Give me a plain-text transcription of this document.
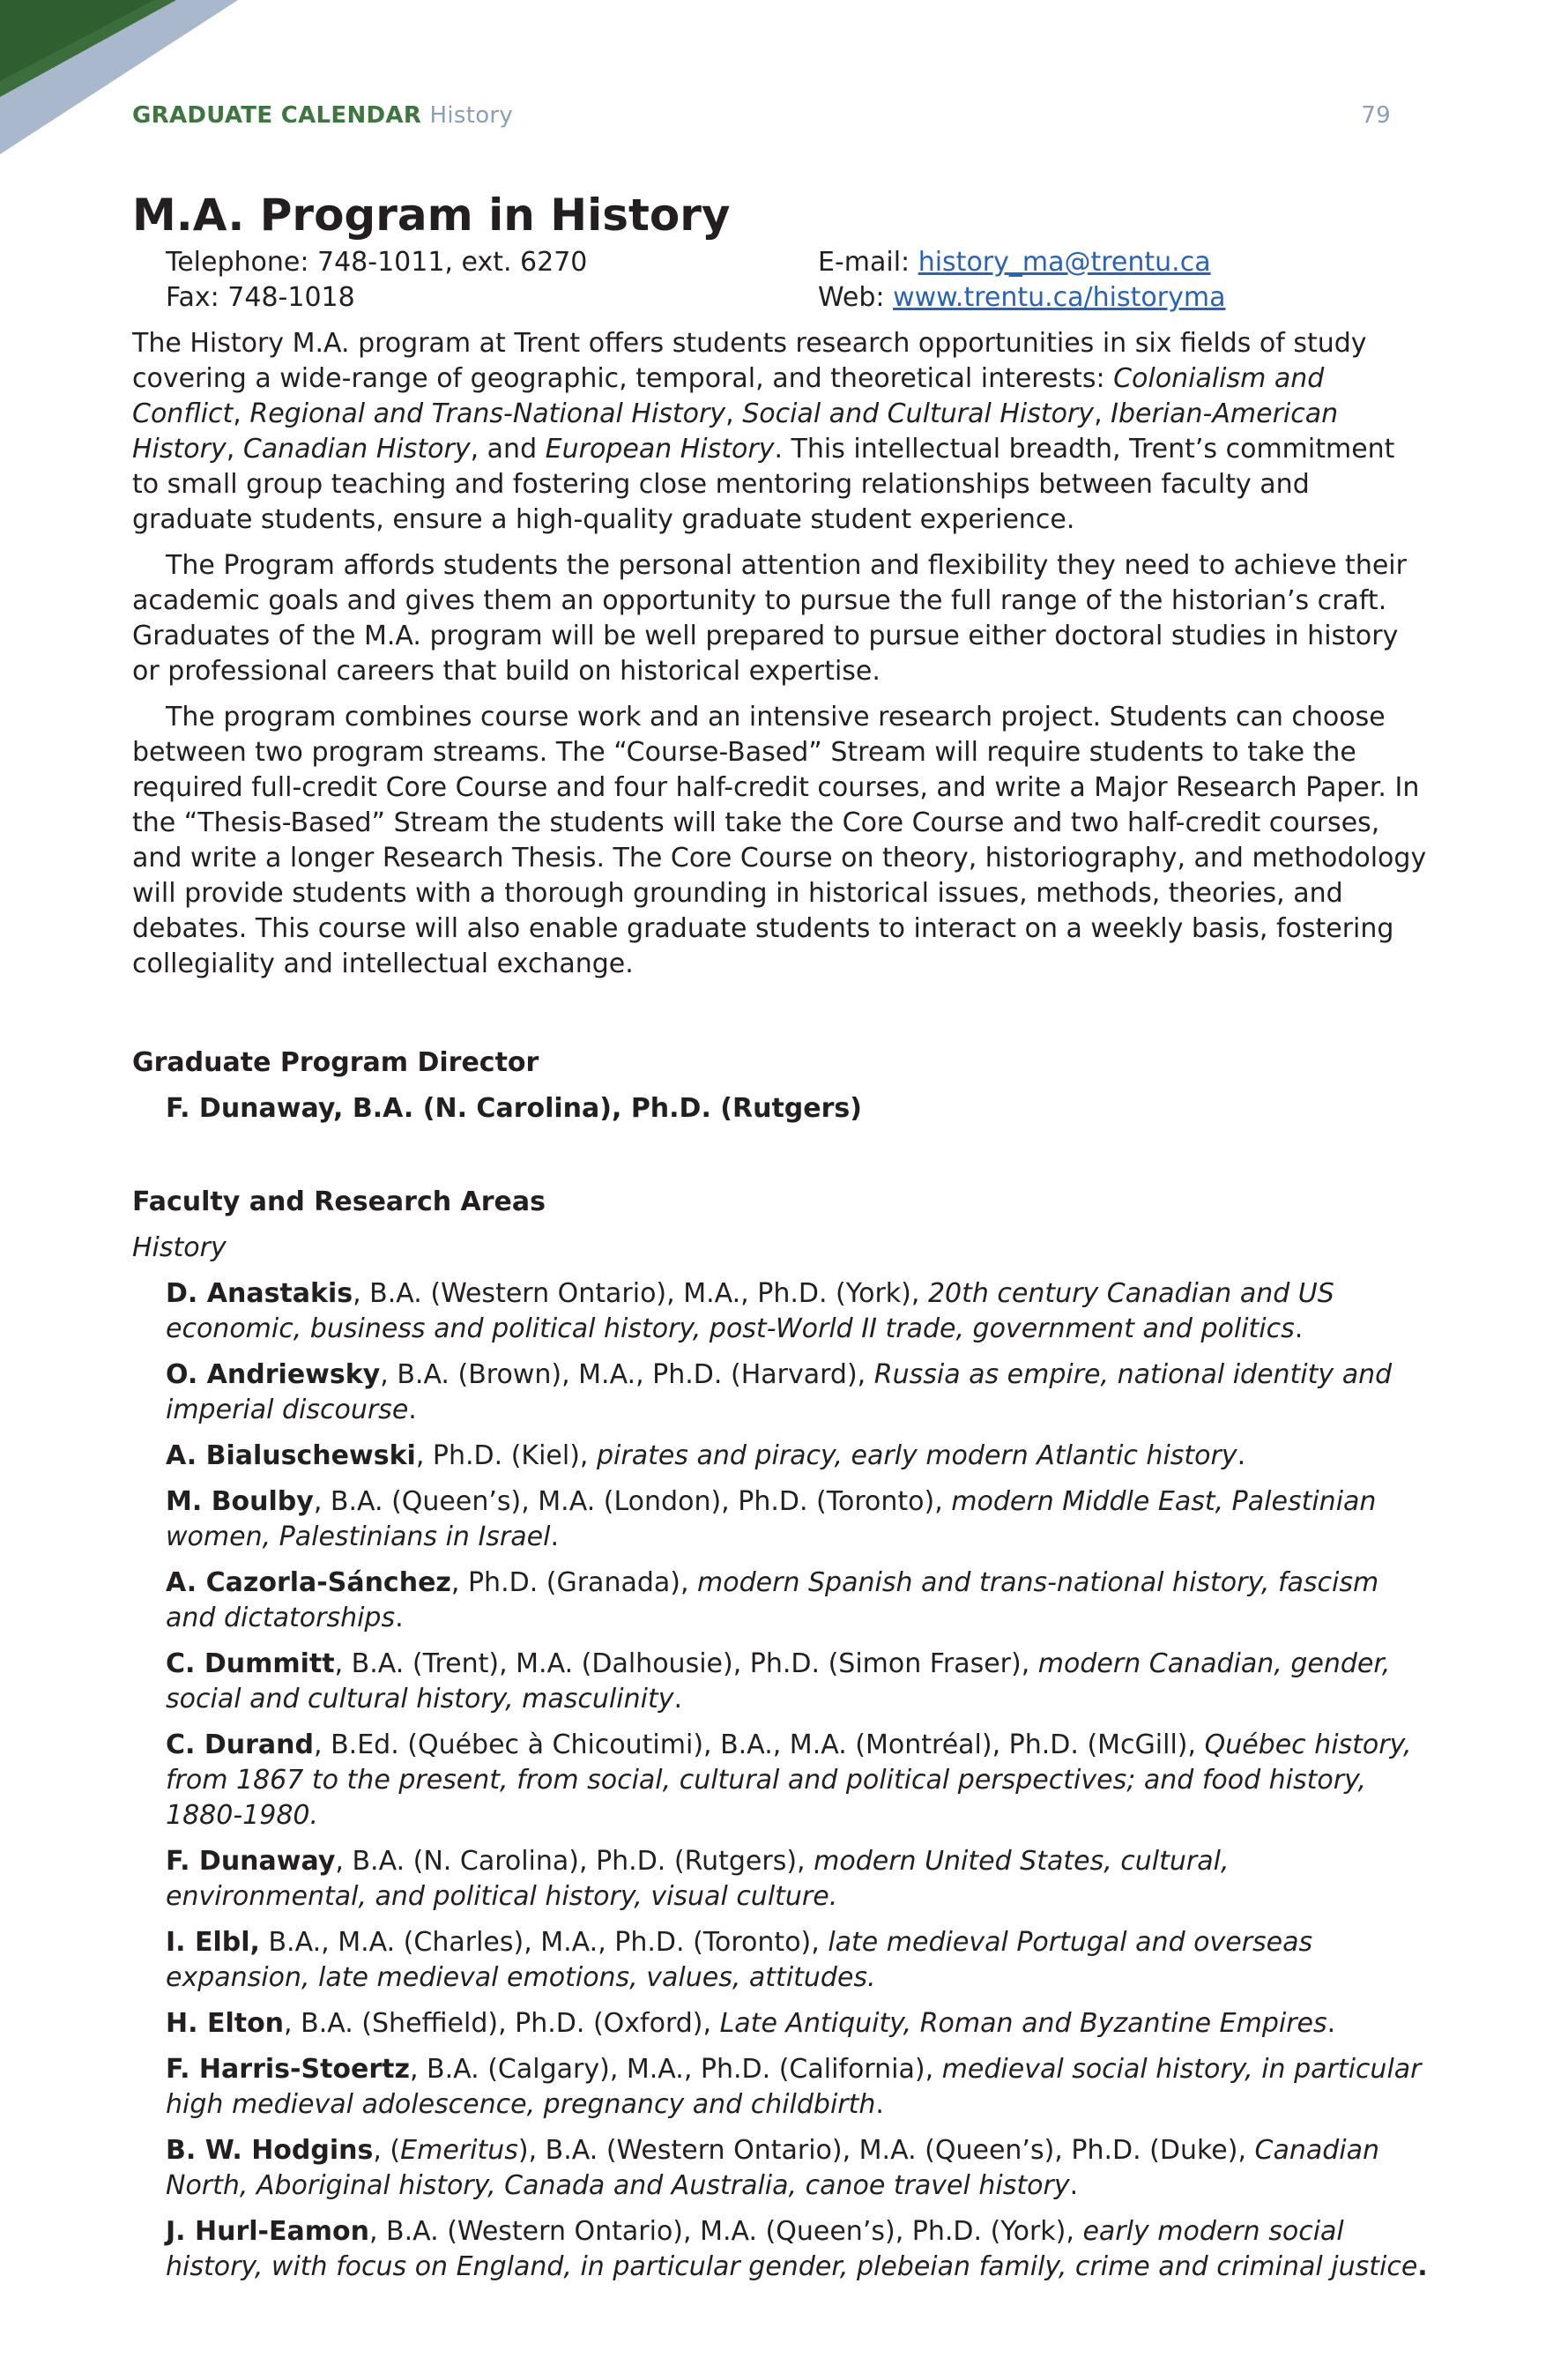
GRADUATE CALENDAR History	79
M.A. Program in History
Telephone: 748-1011, ext. 6270	E-mail: history_ma@trentu.ca
Fax: 748-1018	Web: www.trentu.ca/historyma

The History M.A. program at Trent offers students research opportunities in six fields of study covering a wide-range of geographic, temporal, and theoretical interests: Colonialism and Conflict, Regional and Trans-National History, Social and Cultural History, Iberian-American History, Canadian History, and European History. This intellectual breadth, Trent’s commitment to small group teaching and fostering close mentoring relationships between faculty and graduate students, ensure a high-quality graduate student experience.

The Program affords students the personal attention and flexibility they need to achieve their academic goals and gives them an opportunity to pursue the full range of the historian’s craft. Graduates of the M.A. program will be well prepared to pursue either doctoral studies in history or professional careers that build on historical expertise.

The program combines course work and an intensive research project. Students can choose between two program streams. The “Course-Based” Stream will require students to take the required full-credit Core Course and four half-credit courses, and write a Major Research Paper. In the “Thesis-Based” Stream the students will take the Core Course and two half-credit courses, and write a longer Research Thesis. The Core Course on theory, historiography, and methodology will provide students with a thorough grounding in historical issues, methods, theories, and debates. This course will also enable graduate students to interact on a weekly basis, fostering collegiality and intellectual exchange.

Graduate Program Director
F. Dunaway, B.A. (N. Carolina), Ph.D. (Rutgers)
Faculty and Research Areas
History
D. Anastakis, B.A. (Western Ontario), M.A., Ph.D. (York), 20th century Canadian and US economic, business and political history, post-World II trade, government and politics.
O. Andriewsky, B.A. (Brown), M.A., Ph.D. (Harvard), Russia as empire, national identity and imperial discourse.
A. Bialuschewski, Ph.D. (Kiel), pirates and piracy, early modern Atlantic history.
M. Boulby, B.A. (Queen’s), M.A. (London), Ph.D. (Toronto), modern Middle East, Palestinian women, Palestinians in Israel.
A. Cazorla-Sánchez, Ph.D. (Granada), modern Spanish and trans-national history, fascism and dictatorships.
C. Dummitt, B.A. (Trent), M.A. (Dalhousie), Ph.D. (Simon Fraser), modern Canadian, gender, social and cultural history, masculinity.
C. Durand, B.Ed. (Québec à Chicoutimi), B.A., M.A. (Montréal), Ph.D. (McGill), Québec history, from 1867 to the present, from social, cultural and political perspectives; and food history, 1880-1980.
F. Dunaway, B.A. (N. Carolina), Ph.D. (Rutgers), modern United States, cultural, environmental, and political history, visual culture.
I. Elbl, B.A., M.A. (Charles), M.A., Ph.D. (Toronto), late medieval Portugal and overseas expansion, late medieval emotions, values, attitudes.
H. Elton, B.A. (Sheffield), Ph.D. (Oxford), Late Antiquity, Roman and Byzantine Empires.
F. Harris-Stoertz, B.A. (Calgary), M.A., Ph.D. (California), medieval social history, in particular high medieval adolescence, pregnancy and childbirth.
B. W. Hodgins, (Emeritus), B.A. (Western Ontario), M.A. (Queen’s), Ph.D. (Duke), Canadian North, Aboriginal history, Canada and Australia, canoe travel history.
J. Hurl-Eamon, B.A. (Western Ontario), M.A. (Queen’s), Ph.D. (York), early modern social history, with focus on England, in particular gender, plebeian family, crime and criminal justice.
